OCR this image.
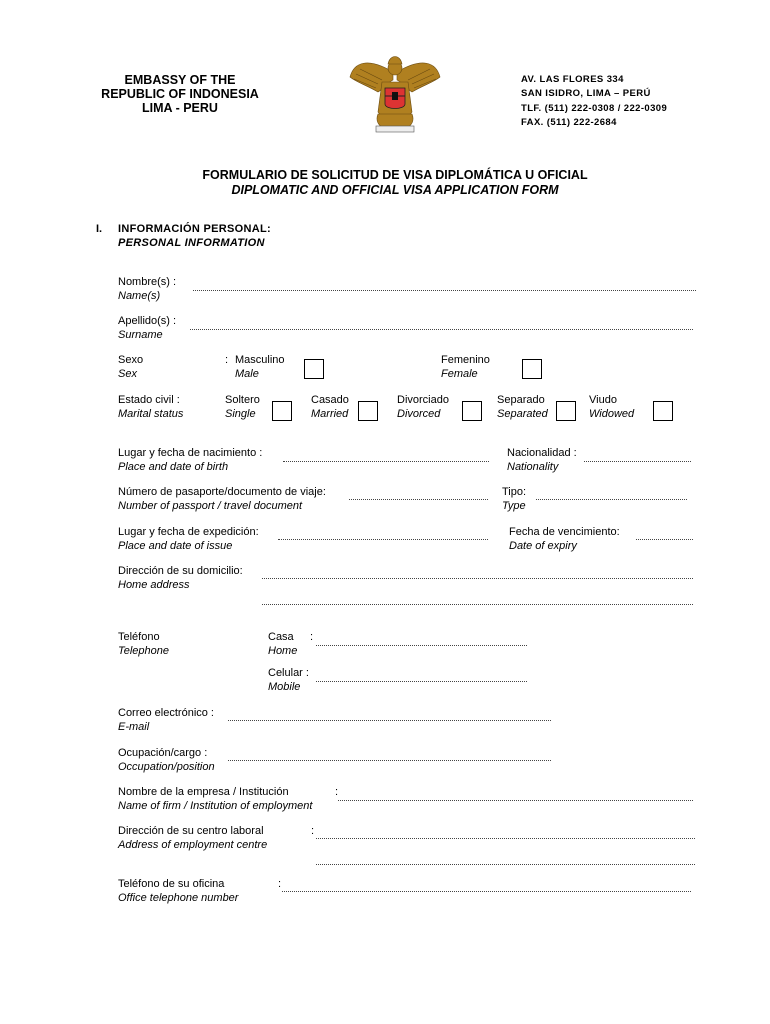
EMBASSY OF THE
REPUBLIC OF INDONESIA
LIMA - PERU
AV. LAS FLORES 334
SAN ISIDRO, LIMA – PERÚ
TLF. (511) 222-0308 / 222-0309
FAX. (511) 222-2684
FORMULARIO DE SOLICITUD DE VISA DIPLOMÁTICA U OFICIAL
DIPLOMATIC AND OFFICIAL VISA APPLICATION FORM
I. INFORMACIÓN PERSONAL:
PERSONAL INFORMATION
Nombre(s) :
Name(s)
Apellido(s) :
Surname
Sexo
Sex
: Masculino
Male
Femenino
Female
Estado civil :
Marital status
Soltero
Single
Casado
Married
Divorciado
Divorced
Separado
Separated
Viudo
Widowed
Lugar y fecha de nacimiento :
Place and date of birth
Nacionalidad :
Nationality
Número de pasaporte/documento de viaje:
Number of passport / travel document
Tipo:
Type
Lugar y fecha de expedición:
Place and date of issue
Fecha de vencimiento:
Date of expiry
Dirección de su domicilio:
Home address
Teléfono
Telephone
Casa
Home
:
Celular :
Mobile
Correo electrónico :
E-mail
Ocupación/cargo :
Occupation/position
Nombre de la empresa / Institución
Name of firm / Institution of employment
:
Dirección de su centro laboral
Address of employment centre
:
Teléfono de su oficina
Office telephone number
:
